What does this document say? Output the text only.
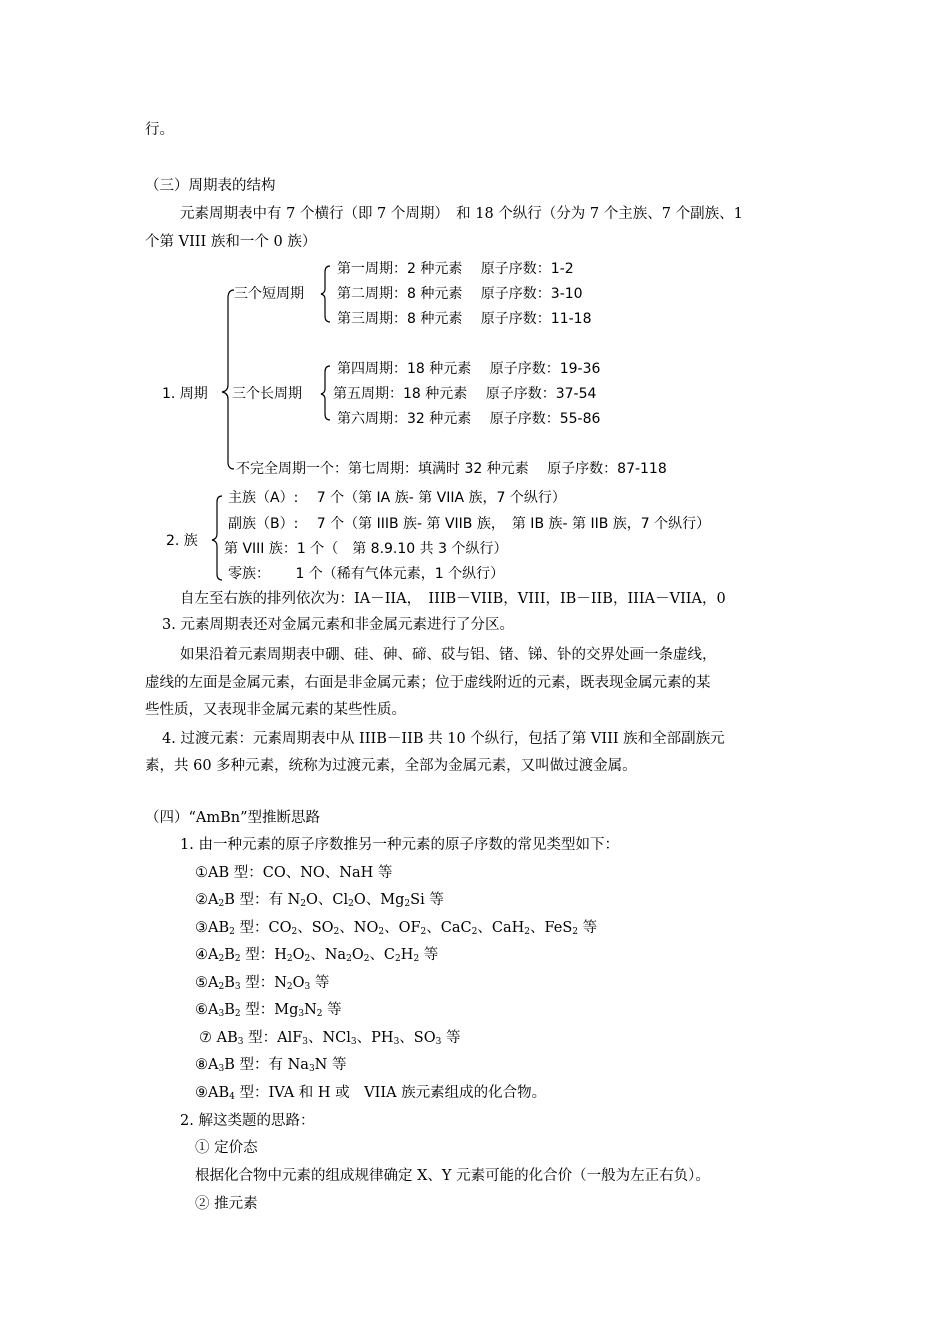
行。
（三）周期表的结构
元素周期表中有 7 个横行（即 7 个周期）　和 18 个纵行（分为 7 个主族、7 个副族、1
个第 VIII 族和一个 0 族）
1. 周期
三个短周期
第一周期：2 种元素　 原子序数：1-2
第二周期：8 种元素　 原子序数：3-10
第三周期：8 种元素　 原子序数：11-18
三个长周期
第四周期：18 种元素　 原子序数：19-36
第五周期：18 种元素　 原子序数：37-54
第六周期：32 种元素　 原子序数：55-86
不完全周期一个：第七周期：填满时 32 种元素　 原子序数：87-118
2. 族
主族（A）:　 7 个（第 IA 族- 第 VIIA 族，7 个纵行）
副族（B）:　 7 个（第 IIIB 族- 第 VIIB 族，　第 IB 族- 第 IIB 族，7 个纵行）
第 VIII 族：1 个（　第 8.9.10 共 3 个纵行）
零族：　　 1 个（稀有气体元素，1 个纵行）
自左至右族的排列依次为：IA－IIA，　IIIB－VIIB，VIII，IB－IIB，IIIA－VIIA，0
3. 元素周期表还对金属元素和非金属元素进行了分区。
如果沿着元素周期表中硼、硅、砷、碲、砹与铝、锗、锑、钋的交界处画一条虚线，
虚线的左面是金属元素，右面是非金属元素；位于虚线附近的元素，既表现金属元素的某
些性质，又表现非金属元素的某些性质。
4. 过渡元素：元素周期表中从 IIIB－IIB 共 10 个纵行，包括了第 VIII 族和全部副族元
素，共 60 多种元素，统称为过渡元素，全部为金属元素，又叫做过渡金属。
（四）“AmBn”型推断思路
1. 由一种元素的原子序数推另一种元素的原子序数的常见类型如下：
①AB 型：CO、NO、NaH 等
$②A_2B$ 型：有 $N_2O$、$Cl_2O$、$Mg_2Si$ 等
$③AB_2$ 型：$CO_2$、$SO_2$、$NO_2$、$OF_2$、CaC$_2$、CaH$_2$、FeS$_2$ 等
$④A_2B_2$ 型：$H_2O_2$、$Na_2O_2$、$C_2H_2$ 等
$⑤A_2B_3$ 型：$N_2O_3$ 等
$⑥A_3B_2$ 型：$Mg_3N_2$ 等
⑦ $AB_3$ 型：AlF$_3$、NCl$_3$、$PH_3$、$SO_3$ 等
$⑧A_3B$ 型：有 $Na_3N$ 等
$⑨AB_4$ 型：IVA 和 H 或　VIIA 族元素组成的化合物。
2. 解这类题的思路：
① 定价态
根据化合物中元素的组成规律确定 X、Y 元素可能的化合价（一般为左正右负）。
② 推元素
